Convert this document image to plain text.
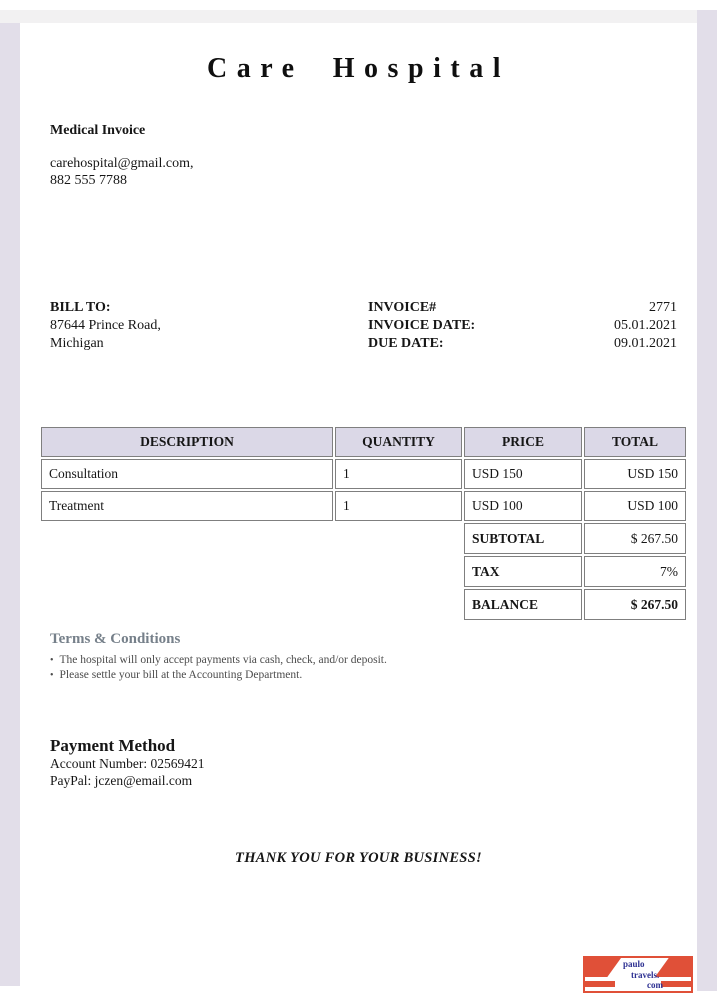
Care Hospital
Medical Invoice
carehospital@gmail.com,
882 555 7788
BILL TO:
87644 Prince Road,
Michigan
INVOICE#	2771
INVOICE DATE:	05.01.2021
DUE DATE:	09.01.2021
DESCRIPTION	QUANTITY	PRICE	TOTAL
Consultation	1	USD 150	USD 150
Treatment	1	USD 100	USD 100
SUBTOTAL	$ 267.50
TAX	7%
BALANCE	$ 267.50
Terms & Conditions
• The hospital will only accept payments via cash, check, and/or deposit.
• Please settle your bill at the Accounting Department.
Payment Method
Account Number: 02569421
PayPal: jczen@email.com
THANK YOU FOR YOUR BUSINESS!
paulo
travels.
com
